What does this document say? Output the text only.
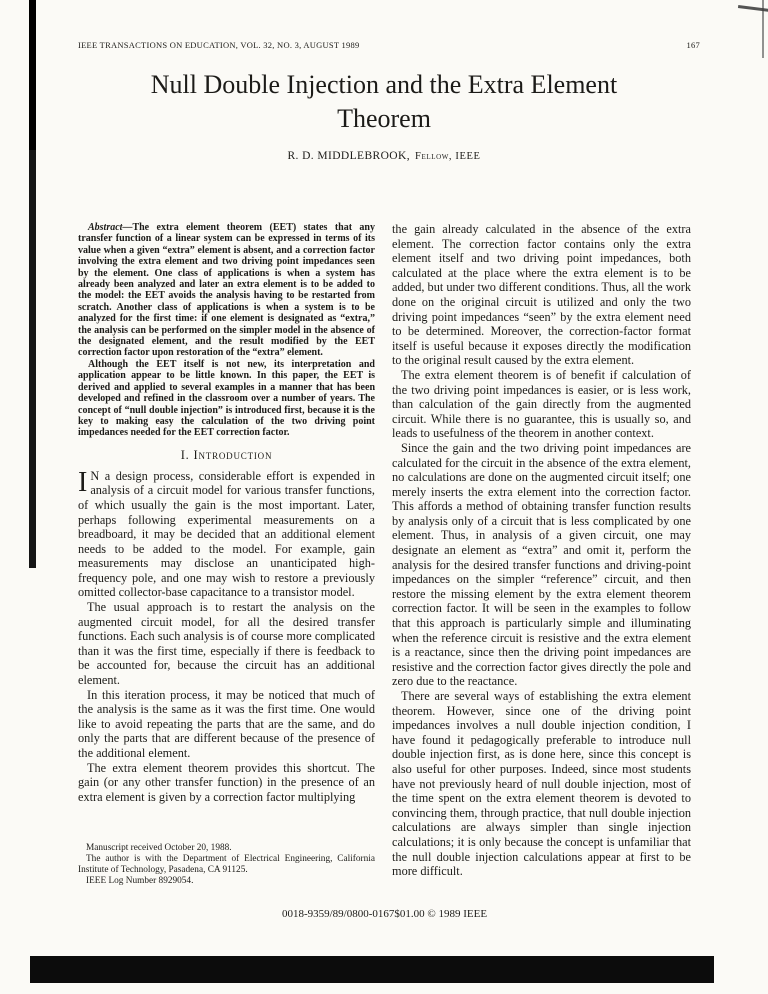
IEEE TRANSACTIONS ON EDUCATION, VOL. 32, NO. 3, AUGUST 1989	167
Null Double Injection and the Extra Element
Theorem
R. D. MIDDLEBROOK, Fellow, IEEE

Abstract—The extra element theorem (EET) states that any transfer function of a linear system can be expressed in terms of its value when a given “extra” element is absent, and a correction factor involving the extra element and two driving point impedances seen by the element. One class of applications is when a system has already been analyzed and later an extra element is to be added to the model: the EET avoids the analysis having to be restarted from scratch. Another class of applications is when a system is to be analyzed for the first time: if one element is designated as “extra,” the analysis can be performed on the simpler model in the absence of the designated element, and the result modified by the EET correction factor upon restoration of the “extra” element.

Although the EET itself is not new, its interpretation and application appear to be little known. In this paper, the EET is derived and applied to several examples in a manner that has been developed and refined in the classroom over a number of years. The concept of “null double injection” is introduced first, because it is the key to making easy the calculation of the two driving point impedances needed for the EET correction factor.

I. Introduction

I N a design process, considerable effort is expended in analysis of a circuit model for various transfer functions, of which usually the gain is the most important. Later, perhaps following experimental measurements on a breadboard, it may be decided that an additional element needs to be added to the model. For example, gain measurements may disclose an unanticipated high-frequency pole, and one may wish to restore a previously omitted collector-base capacitance to a transistor model.

The usual approach is to restart the analysis on the augmented circuit model, for all the desired transfer functions. Each such analysis is of course more complicated than it was the first time, especially if there is feedback to be accounted for, because the circuit has an additional element.

In this iteration process, it may be noticed that much of the analysis is the same as it was the first time. One would like to avoid repeating the parts that are the same, and do only the parts that are different because of the presence of the additional element.

The extra element theorem provides this shortcut. The gain (or any other transfer function) in the presence of an extra element is given by a correction factor multiplying

Manuscript received October 20, 1988.

The author is with the Department of Electrical Engineering, California Institute of Technology, Pasadena, CA 91125.

IEEE Log Number 8929054.

the gain already calculated in the absence of the extra element. The correction factor contains only the extra element itself and two driving point impedances, both calculated at the place where the extra element is to be added, but under two different conditions. Thus, all the work done on the original circuit is utilized and only the two driving point impedances “seen” by the extra element need to be determined. Moreover, the correction-factor format itself is useful because it exposes directly the modification to the original result caused by the extra element.

The extra element theorem is of benefit if calculation of the two driving point impedances is easier, or is less work, than calculation of the gain directly from the augmented circuit. While there is no guarantee, this is usually so, and leads to usefulness of the theorem in another context.

Since the gain and the two driving point impedances are calculated for the circuit in the absence of the extra element, no calculations are done on the augmented circuit itself; one merely inserts the extra element into the correction factor. This affords a method of obtaining transfer function results by analysis only of a circuit that is less complicated by one element. Thus, in analysis of a given circuit, one may designate an element as “extra” and omit it, perform the analysis for the desired transfer functions and driving-point impedances on the simpler “reference” circuit, and then restore the missing element by the extra element theorem correction factor. It will be seen in the examples to follow that this approach is particularly simple and illuminating when the reference circuit is resistive and the extra element is a reactance, since then the driving point impedances are resistive and the correction factor gives directly the pole and zero due to the reactance.

There are several ways of establishing the extra element theorem. However, since one of the driving point impedances involves a null double injection condition, I have found it pedagogically preferable to introduce null double injection first, as is done here, since this concept is also useful for other purposes. Indeed, since most students have not previously heard of null double injection, most of the time spent on the extra element theorem is devoted to convincing them, through practice, that null double injection calculations are always simpler than single injection calculations; it is only because the concept is unfamiliar that the null double injection calculations appear at first to be more difficult.

0018-9359/89/0800-0167$01.00 © 1989 IEEE
